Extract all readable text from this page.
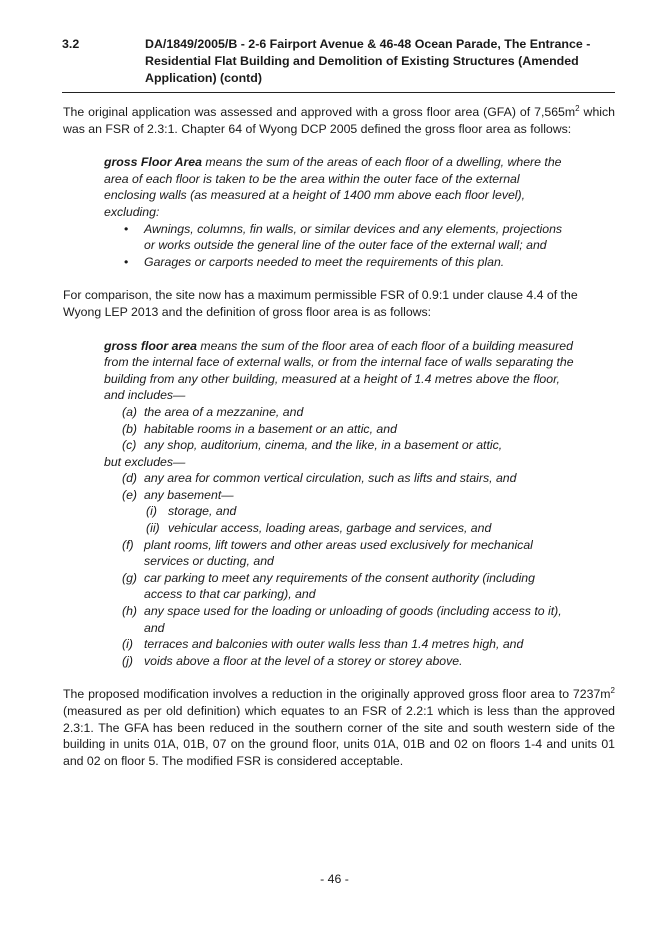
3.2	DA/1849/2005/B - 2-6 Fairport Avenue & 46-48 Ocean Parade, The Entrance - Residential Flat Building and Demolition of Existing Structures (Amended Application) (contd)

The original application was assessed and approved with a gross floor area (GFA) of $7,565m^2$ which was an FSR of 2.3:1. Chapter 64 of Wyong DCP 2005 defined the gross floor area as follows:

gross Floor Area means the sum of the areas of each floor of a dwelling, where the area of each floor is taken to be the area within the outer face of the external enclosing walls (as measured at a height of 1400 mm above each floor level), excluding:

• Awnings, columns, fin walls, or similar devices and any elements, projections or works outside the general line of the outer face of the external wall; and
• Garages or carports needed to meet the requirements of this plan.

For comparison, the site now has a maximum permissible FSR of 0.9:1 under clause 4.4 of the Wyong LEP 2013 and the definition of gross floor area is as follows:

gross floor area means the sum of the floor area of each floor of a building measured from the internal face of external walls, or from the internal face of walls separating the building from any other building, measured at a height of 1.4 metres above the floor, and includes—

(a) the area of a mezzanine, and
(b) habitable rooms in a basement or an attic, and
(c) any shop, auditorium, cinema, and the like, in a basement or attic,

but excludes—

(d) any area for common vertical circulation, such as lifts and stairs, and
(e) any basement—
(i) storage, and
(ii) vehicular access, loading areas, garbage and services, and
(f) plant rooms, lift towers and other areas used exclusively for mechanical services or ducting, and
(g) car parking to meet any requirements of the consent authority (including access to that car parking), and
(h) any space used for the loading or unloading of goods (including access to it), and
(i) terraces and balconies with outer walls less than 1.4 metres high, and
(j) voids above a floor at the level of a storey or storey above.

The proposed modification involves a reduction in the originally approved gross floor area to $7237m^2$ (measured as per old definition) which equates to an FSR of 2.2:1 which is less than the approved 2.3:1. The GFA has been reduced in the southern corner of the site and south western side of the building in units 01A, 01B, 07 on the ground floor, units 01A, 01B and 02 on floors 1-4 and units 01 and 02 on floor 5. The modified FSR is considered acceptable.

- 46 -
